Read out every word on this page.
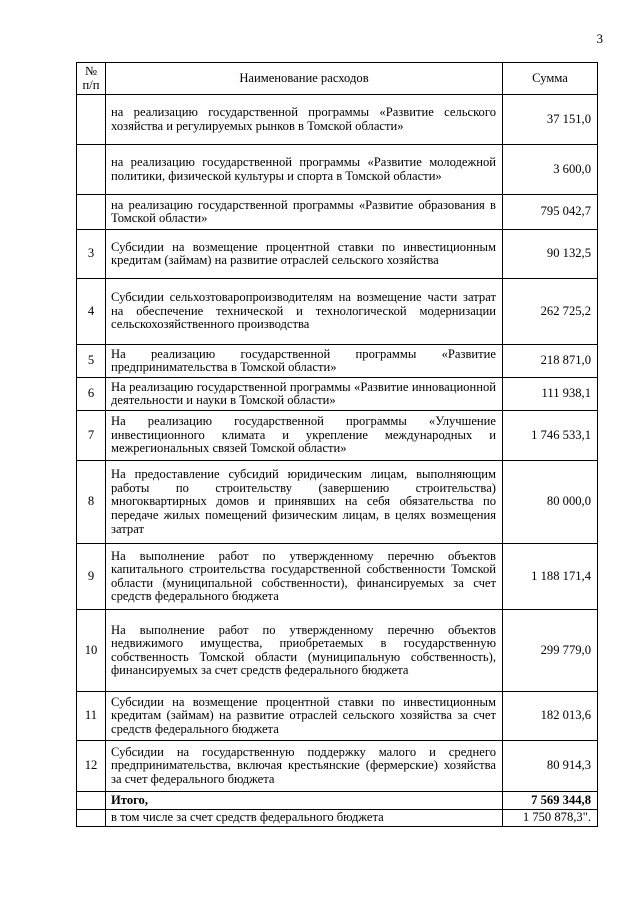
3
№ п/п	Наименование расходов	Сумма
	на реализацию государственной программы «Развитие сельского хозяйства и регулируемых рынков в Томской области»	37 151,0
	на реализацию государственной программы «Развитие молодежной политики, физической культуры и спорта в Томской области»	3 600,0
	на реализацию государственной программы «Развитие образования в Томской области»	795 042,7
3	Субсидии на возмещение процентной ставки по инвестиционным кредитам (займам) на развитие отраслей сельского хозяйства	90 132,5
4	Субсидии сельхозтоваропроизводителям на возмещение части затрат на обеспечение технической и технологической модернизации сельскохозяйственного производства	262 725,2
5	На реализацию государственной программы «Развитие предпринимательства в Томской области»	218 871,0
6	На реализацию государственной программы «Развитие инновационной деятельности и науки в Томской области»	111 938,1
7	На реализацию государственной программы «Улучшение инвестиционного климата и укрепление международных и межрегиональных связей Томской области»	1 746 533,1
8	На предоставление субсидий юридическим лицам, выполняющим работы по строительству (завершению строительства) многоквартирных домов и принявших на себя обязательства по передаче жилых помещений физическим лицам, в целях возмещения затрат	80 000,0
9	На выполнение работ по утвержденному перечню объектов капитального строительства государственной собственности Томской области (муниципальной собственности), финансируемых за счет средств федерального бюджета	1 188 171,4
10	На выполнение работ по утвержденному перечню объектов недвижимого имущества, приобретаемых в государственную собственность Томской области (муниципальную собственность), финансируемых за счет средств федерального бюджета	299 779,0
11	Субсидии на возмещение процентной ставки по инвестиционным кредитам (займам) на развитие отраслей сельского хозяйства за счет средств федерального бюджета	182 013,6
12	Субсидии на государственную поддержку малого и среднего предпринимательства, включая крестьянские (фермерские) хозяйства за счет федерального бюджета	80 914,3
	Итого,	7 569 344,8
	в том числе за счет средств федерального бюджета	1 750 878,3".
